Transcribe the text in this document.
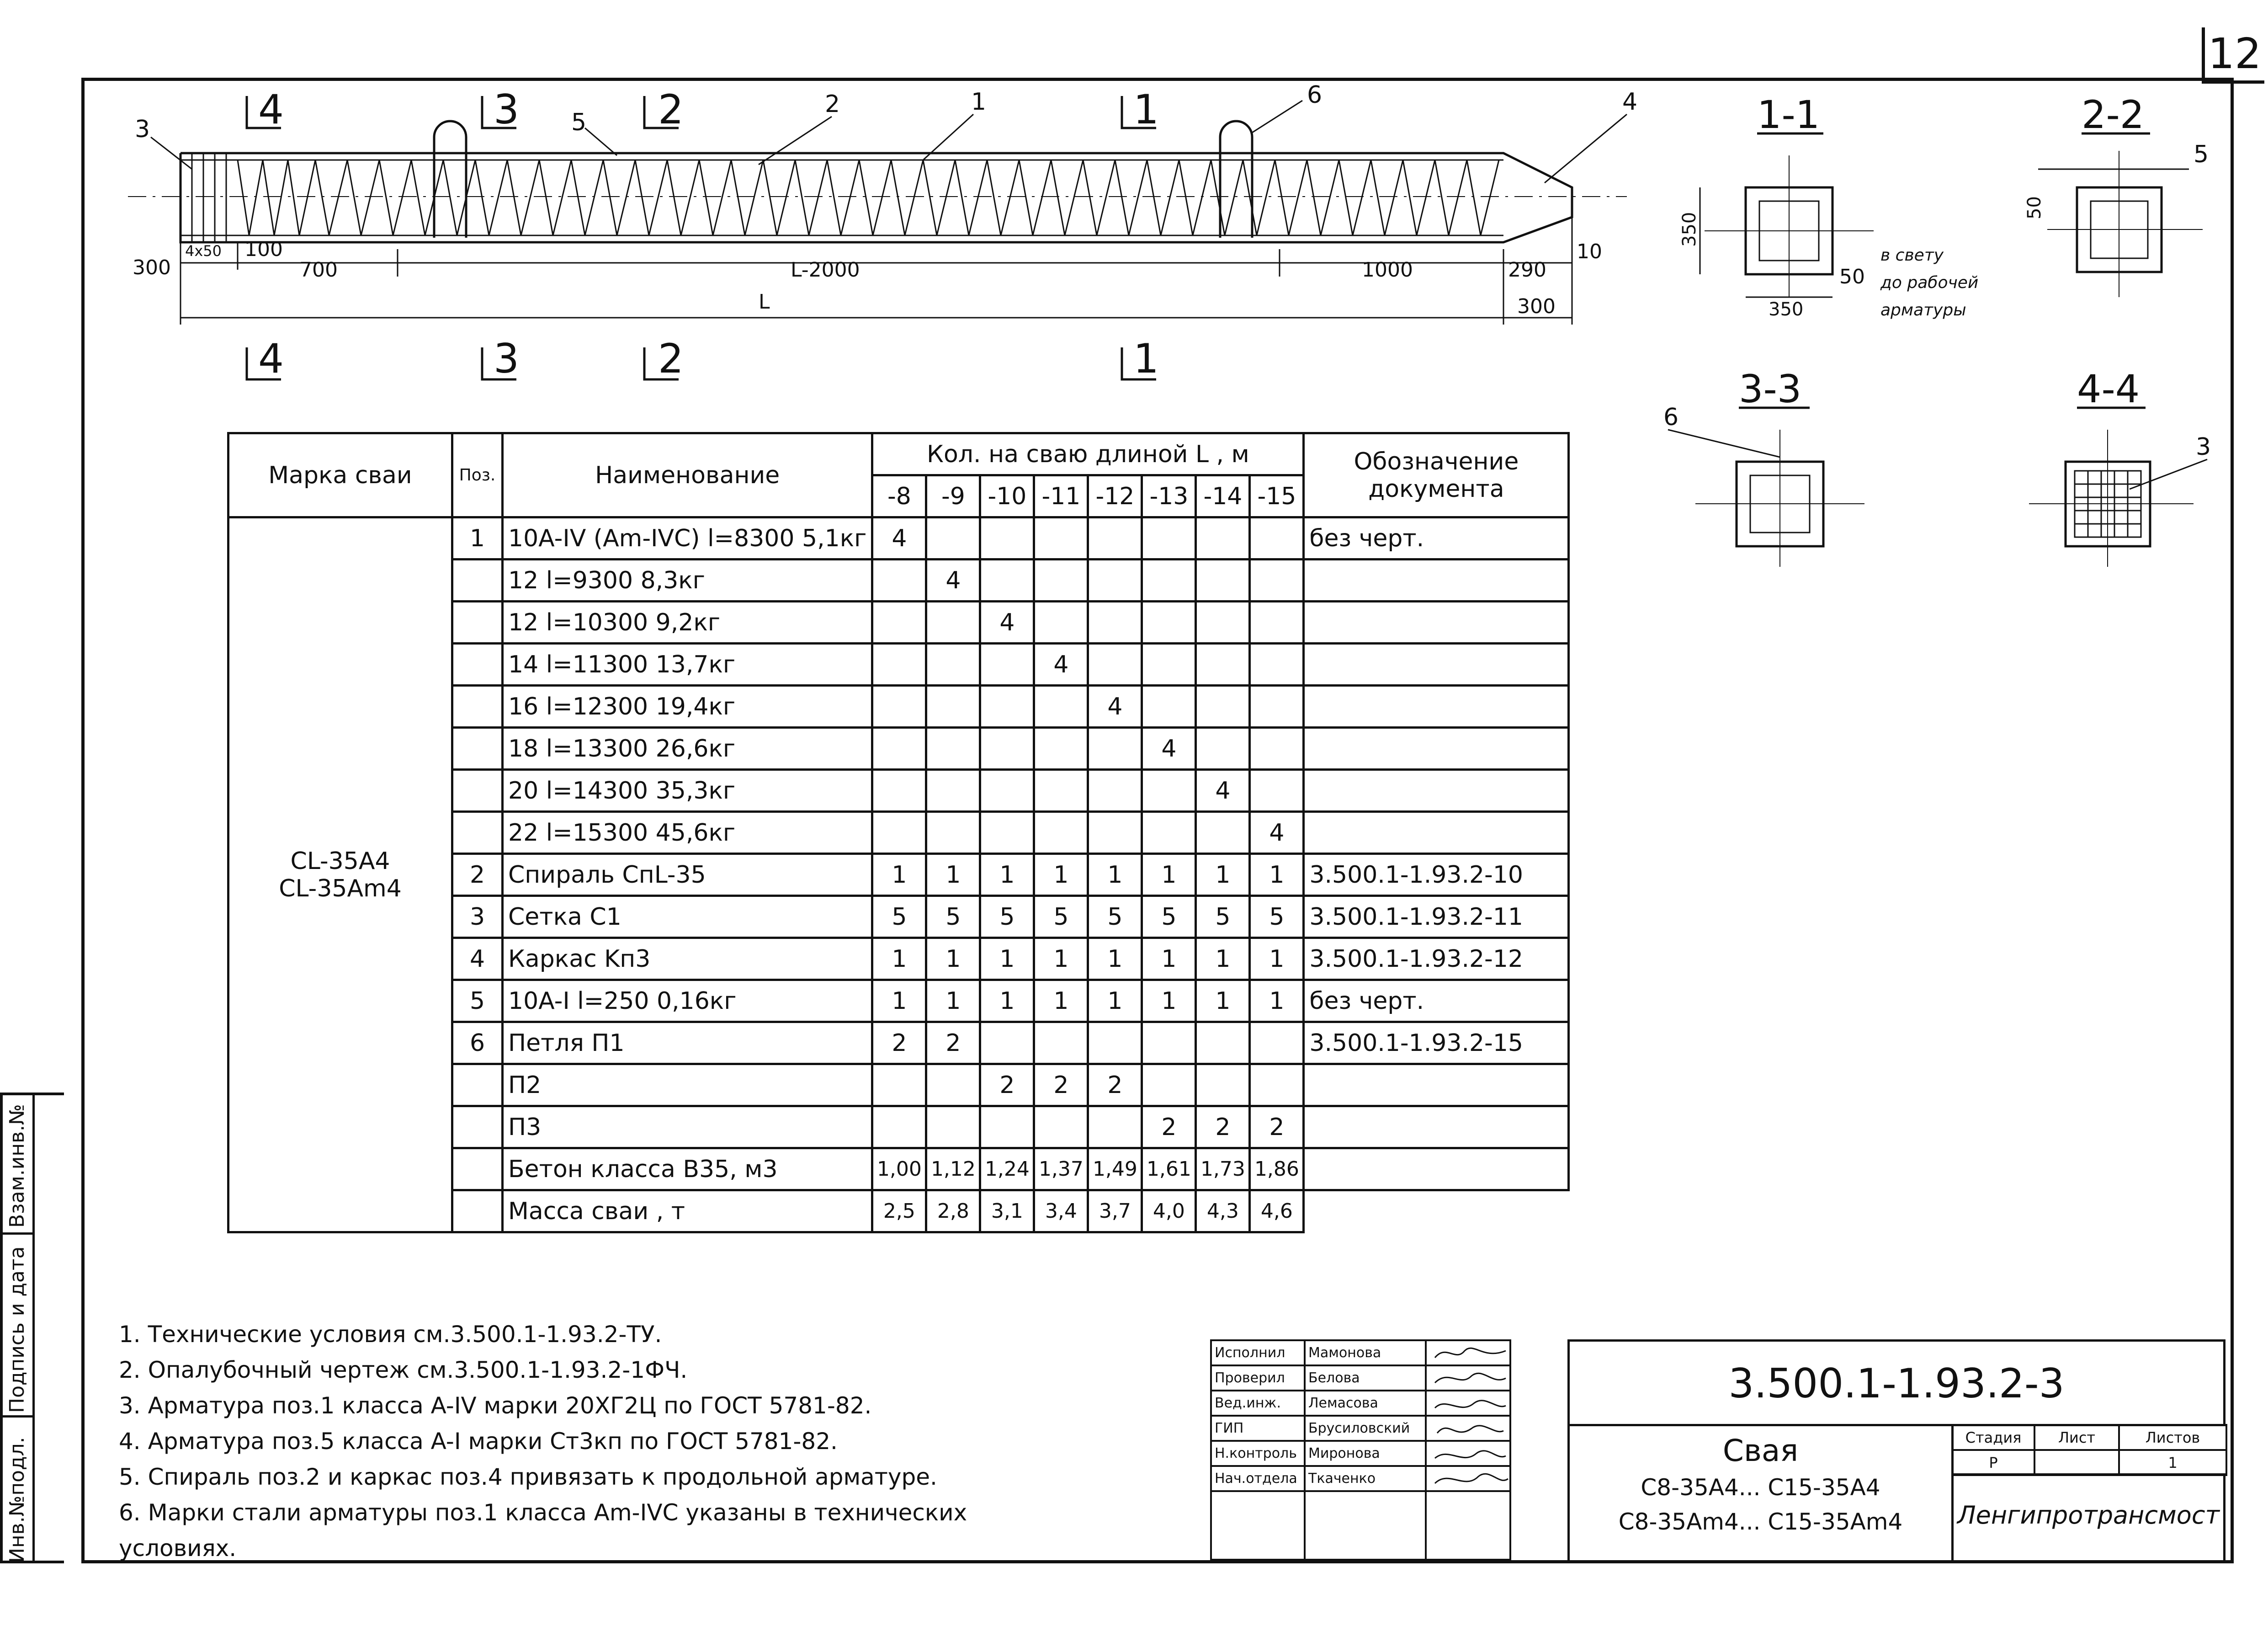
12
Взам.инв.№
Подпись и дата
Инв.№подл.
3	5
2	1	6	4
4	3	2	1
4	3	2	1
300
4x50 100
700	L-2000	1000	290
10
L	300
1-1
350
350
50
в свету
до рабочей
арматуры
2-2
50
5
3-3
6
4-4
3
Марка сваи	Поз.	Наименование	Кол. на сваю длиной L , м								Обозначение документа
			-8	-9	-10	-11	-12	-13	-14	-15	

CL-35A4
CL-35Am4	1	10A-IV (Am-IVC) l=8300 5,1кг	4								без черт.
		12 l=9300 8,3кг		4							
		12 l=10300 9,2кг			4						
		14 l=11300 13,7кг				4					
		16 l=12300 19,4кг					4				
		18 l=13300 26,6кг						4			
		20 l=14300 35,3кг							4		
		22 l=15300 45,6кг								4	
	2	Спираль CпL-35	1	1	1	1	1	1	1	1	3.500.1-1.93.2-10
	3	Сетка C1	5	5	5	5	5	5	5	5	3.500.1-1.93.2-11
	4	Каркас Kп3	1	1	1	1	1	1	1	1	3.500.1-1.93.2-12
	5	10A-I l=250 0,16кг	1	1	1	1	1	1	1	1	без черт.
	6	Петля П1	2	2							3.500.1-1.93.2-15
		П2			2	2	2				
		П3						2	2	2	
		Бетон класса B35, м3	1,00	1,12	1,24	1,37	1,49	1,61	1,73	1,86	
		Масса сваи , т	2,5	2,8	3,1	3,4	3,7	4,0	4,3	4,6	
1. Технические условия см.3.500.1-1.93.2-ТУ.
2. Опалубочный чертеж см.3.500.1-1.93.2-1ФЧ.
3. Арматура поз.1 класса A-IV марки 20ХГ2Ц по ГОСТ 5781-82.
4. Арматура поз.5 класса A-I марки Ст3кп по ГОСТ 5781-82.
5. Спираль поз.2 и каркас поз.4 привязать к продольной арматуре.
6. Марки стали арматуры поз.1 класса Am-IVC указаны в технических
условиях.
Исполнил	Мамонова	
Проверил	Белова	
Вед.инж.	Лемасова	
ГИП	Брусиловский	
Н.контроль	Миронова	
Нач.отдела	Ткаченко	

3.500.1-1.93.2-3
Свая
C8-35A4... C15-35A4
C8-35Am4... C15-35Am4
Стадия	Лист	Листов
P		1
Ленгипротрансмост
